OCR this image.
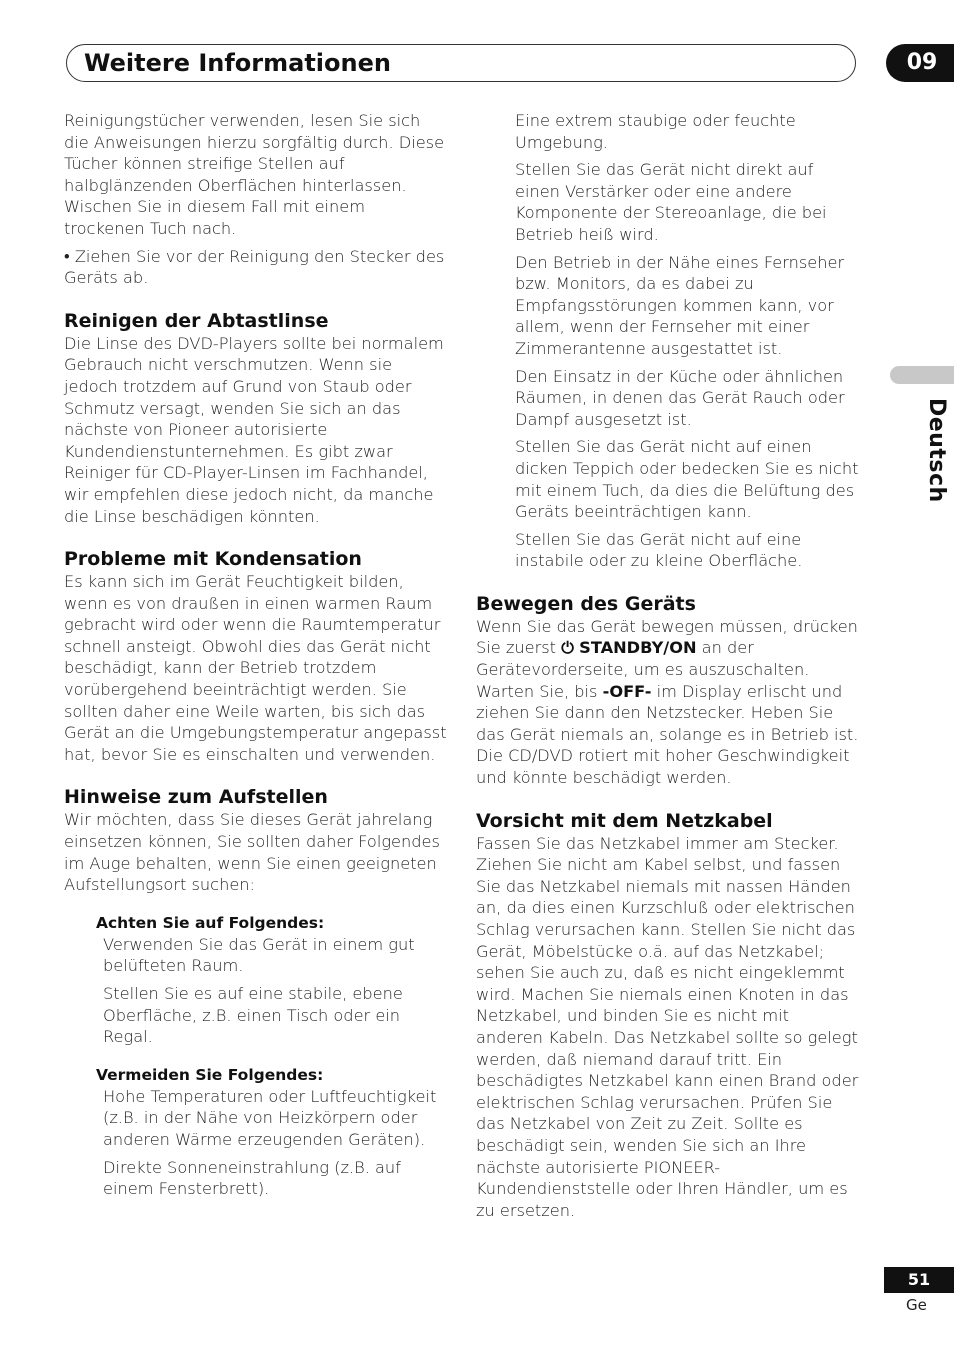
Weitere Informationen	09
Deutsch

Reinigungstücher verwenden, lesen Sie sich die Anweisungen hierzu sorgfältig durch. Diese Tücher können streifige Stellen auf halbglänzenden Oberflächen hinterlassen. Wischen Sie in diesem Fall mit einem trockenen Tuch nach.

• Ziehen Sie vor der Reinigung den Stecker des Geräts ab.

Reinigen der Abtastlinse

Die Linse des DVD-Players sollte bei normalem Gebrauch nicht verschmutzen. Wenn sie jedoch trotzdem auf Grund von Staub oder Schmutz versagt, wenden Sie sich an das nächste von Pioneer autorisierte Kundendienstunternehmen. Es gibt zwar Reiniger für CD-Player-Linsen im Fachhandel, wir empfehlen diese jedoch nicht, da manche die Linse beschädigen könnten.

Probleme mit Kondensation

Es kann sich im Gerät Feuchtigkeit bilden, wenn es von draußen in einen warmen Raum gebracht wird oder wenn die Raumtemperatur schnell ansteigt. Obwohl dies das Gerät nicht beschädigt, kann der Betrieb trotzdem vorübergehend beeinträchtigt werden. Sie sollten daher eine Weile warten, bis sich das Gerät an die Umgebungstemperatur angepasst hat, bevor Sie es einschalten und verwenden.

Hinweise zum Aufstellen

Wir möchten, dass Sie dieses Gerät jahrelang einsetzen können, Sie sollten daher Folgendes im Auge behalten, wenn Sie einen geeigneten Aufstellungsort suchen:

Achten Sie auf Folgendes:

Verwenden Sie das Gerät in einem gut belüfteten Raum.

Stellen Sie es auf eine stabile, ebene Oberfläche, z.B. einen Tisch oder ein Regal.

Vermeiden Sie Folgendes:

Hohe Temperaturen oder Luftfeuchtigkeit (z.B. in der Nähe von Heizkörpern oder anderen Wärme erzeugenden Geräten).

Direkte Sonneneinstrahlung (z.B. auf einem Fensterbrett).

Eine extrem staubige oder feuchte Umgebung.

Stellen Sie das Gerät nicht direkt auf einen Verstärker oder eine andere Komponente der Stereoanlage, die bei Betrieb heiß wird.

Den Betrieb in der Nähe eines Fernseher bzw. Monitors, da es dabei zu Empfangsstörungen kommen kann, vor allem, wenn der Fernseher mit einer Zimmerantenne ausgestattet ist.

Den Einsatz in der Küche oder ähnlichen Räumen, in denen das Gerät Rauch oder Dampf ausgesetzt ist.

Stellen Sie das Gerät nicht auf einen dicken Teppich oder bedecken Sie es nicht mit einem Tuch, da dies die Belüftung des Geräts beeinträchtigen kann.

Stellen Sie das Gerät nicht auf eine instabile oder zu kleine Oberfläche.

Bewegen des Geräts

Wenn Sie das Gerät bewegen müssen, drücken Sie zuerst ⏻ STANDBY/ON an der Gerätevorderseite, um es auszuschalten. Warten Sie, bis -OFF- im Display erlischt und ziehen Sie dann den Netzstecker. Heben Sie das Gerät niemals an, solange es in Betrieb ist. Die CD/DVD rotiert mit hoher Geschwindigkeit und könnte beschädigt werden.

Vorsicht mit dem Netzkabel

Fassen Sie das Netzkabel immer am Stecker. Ziehen Sie nicht am Kabel selbst, und fassen Sie das Netzkabel niemals mit nassen Händen an, da dies einen Kurzschluß oder elektrischen Schlag verursachen kann. Stellen Sie nicht das Gerät, Möbelstücke o.ä. auf das Netzkabel; sehen Sie auch zu, daß es nicht eingeklemmt wird. Machen Sie niemals einen Knoten in das Netzkabel, und binden Sie es nicht mit anderen Kabeln. Das Netzkabel sollte so gelegt werden, daß niemand darauf tritt. Ein beschädigtes Netzkabel kann einen Brand oder elektrischen Schlag verursachen. Prüfen Sie das Netzkabel von Zeit zu Zeit. Sollte es beschädigt sein, wenden Sie sich an Ihre nächste autorisierte PIONEER-Kundendienststelle oder Ihren Händler, um es zu ersetzen.

51
Ge
